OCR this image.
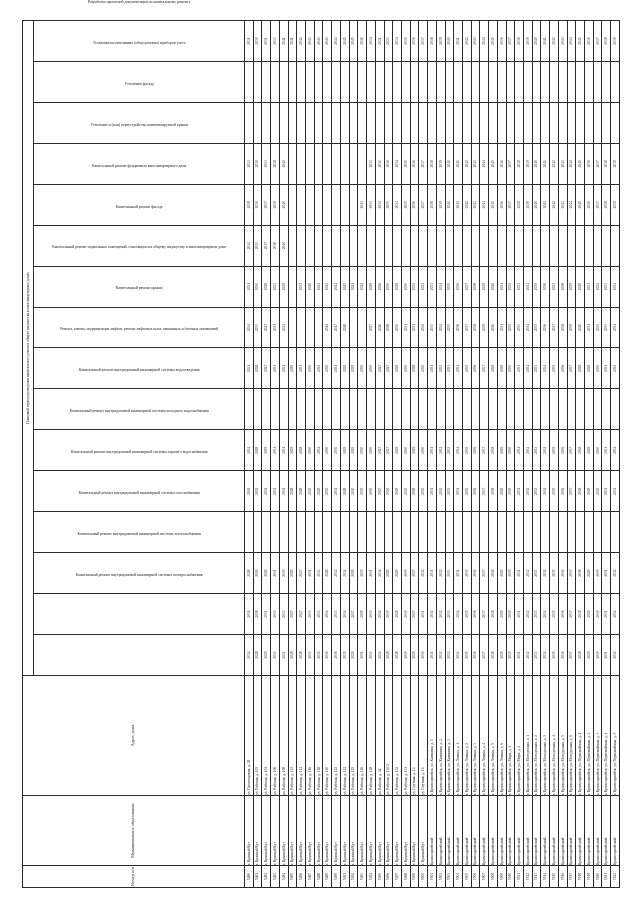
Номер п/п	Муниципальное образование	Адрес дома	Плановый период проведения капитального ремонта общего имущества в многоквартирных домах															
			Капитальный ремонт внутридомовой инженерной системы электроснабжения	Капитальный ремонт внутридомовой инженерной системы теплоснабжения	Капитальный ремонт внутридомовой инженерной системы газоснабжения	Капитальный ремонт внутридомовой инженерной системы горячего водоснабжения	Капитальный ремонт внутридомовой инженерной системы холодного водоснабжения	Капитальный ремонт внутридомовой инженерной системы водоотведения	Ремонт, замена, модернизация лифтов, ремонт лифтовых шахт, машинных и блочных помещений	Капитальный ремонт крыши	Капитальный ремонт подвальных помещений, относящихся к общему имуществу в многоквартирном доме	Капитальный ремонт фасада	Капитальный ремонт фундамента многоквартирного дома	Утепление и (или) переустройство невентилируемой крыши	Утепление фасада	Установка коллективных (общедомовых) приборов учета	Разработка проектной документации по капитальному ремонту	
5480	г. Красный Кут	ул. Пролетарская, д. 38	2034	2031	2028		2041	2034		2031	2034	2031	2034	2038	2033			2031
5481	г. Красный Кут	ул. Рабочая, д. 103	2028	2028	2026		2032	2028		2028	2033	2030	2033	2030	2030			2030
5482	г. Красный Кут	ул. Рабочая, д. 104	2029	2031	2026		2032	2029		2027	2027	2028	2037	2037	2033			2031
5483	г. Красный Кут	ул. Рабочая, д. 106	2033	2033	2031		2031	2031		2031	2031	2033	2038	2039	2038			2033
5484	г. Красный Кут	ул. Рабочая, д. 108	2031	2033	2030		2032	2031		2031	2034	2039	2040	2040	2042			2041
5485	г. Красный Кут	ул. Рабочая, д. 112	2028	2027	2028		2028	2029		2029								2041
5486	г. Красный Кут	ул. Рабочая, д. 114	2028	2027	2027		2028	2028		2031		2032						2042
5487	г. Красный Кут	ул. Рабочая, д. 116	2033	2033	2031		2030	2030		2030		2040						2043
5488	г. Красный Кут	ул. Рабочая, д. 118	2035	2033	2033		2029	2032		2032		2041						2043
5489	г. Красный Кут	ул. Рабочая, д. 120	2036	2034	2028		2030	2030		2030	2042	2043						2043
5490	г. Красный Кут	ул. Рабочая, д. 122	2036	2033	2032		2031	2030		2031	2047	2044						2044
5491	г. Красный Кут	ул. Рабочая, д. 124	2035	2034	2034		2028	2029		2029	2048	2045						2045
5492	г. Красный Кут	ул. Рабочая, д. 125	2029	2027	2028		2030	2029		2029		2041						2045
5493	г. Красный Кут	ул. Рабочая, д. 126	2031	2029	2030		2030	2030		2030		2042		2043				2046
5494	г. Красный Кут	ул. Рабочая, д. 128	2033	2033	2031		2030	2030		2030	2027	2029		2033	2033			2034
5495	г. Красный Кут	ул. Рабочая, д. 41	2034	2034	2034		2027	2027		2027	2026	2026		2031	2031			2031
5496	г. Красный Кут	ул. Рабочая, д. 130/2	2028	2030	2028		2030	2027		2027	2028	2030		2035	2036			2033
5497	г. Красный Кут	ул. Рабочая, д. 132	2028	2028	2029		2029	2029		2029	2030	2029		2034	2034			2034
5498	г. Красный Кут	ул. Рабочая, д. 134	2030	2030	2030		2030	2030		2030	2031	2030		2035	2035			2035
5499	г. Красный Кут	ул. Спутник, д. 14	2029	2027	2027		2029	2029		2028	2031	2032		2036	2036			2036
5500	г. Красный Кут	ул. Спутник, д. 16	2030	2031	2032		2030	2030		2030	2032	2032		2037	2037			2037
5501	Красноармейский	г. Красноармейск, ул. Калинина, д. 1	2031	2031	2031		2031	2031		2031	2033	2033		2038	2038			2038
5502	Красноармейский	г. Красноармейск, ул. Калинина, д. 2	2032	2032	2032		2032	2032		2032	2034	2034		2039	2039			2039
5503	Красноармейский	г. Красноармейск, ул. Калинина, д. 3	2033	2033	2033		2033	2033		2033	2035	2035		2040	2040			2040
5504	Красноармейский	г. Красноармейск, ул. Ленина, д. 1	2034	2034	2034		2034	2034		2034	2036	2036		2041	2041			2041
5505	Красноармейский	г. Красноармейск, ул. Ленина, д. 2	2035	2035	2035		2035	2035		2035	2037	2037		2042	2042			2042
5506	Красноармейский	г. Красноармейск, ул. Ленина, д. 3	2036	2036	2036		2036	2036		2036	2038	2038		2043	2043			2043
5507	Красноармейский	г. Красноармейск, ул. Ленина, д. 4	2037	2037	2037		2037	2037		2037	2039	2039		2044	2044			2044
5508	Красноармейский	г. Красноармейск, ул. Ленина, д. 5	2038	2038	2038		2038	2038		2038	2040	2040		2045	2045			2045
5509	Красноармейский	г. Красноармейск, ул. Ленина, д. 6	2029	2029	2029		2029	2029		2029	2031	2031		2036	2036			2036
5510	Красноармейский	г. Красноармейск, ул. Мира, д. 1	2030	2030	2030		2030	2030		2030	2032	2032		2037	2037			2037
5511	Красноармейский	г. Красноармейск, ул. Мира, д. 2	2031	2031	2031		2031	2031		2031	2033	2033		2038	2038			2038
5512	Красноармейский	г. Красноармейск, ул. Молодежная, д. 1	2032	2032	2032		2032	2032		2032	2034	2034		2039	2039			2039
5513	Красноармейский	г. Красноармейск, ул. Молодежная, д. 2	2033	2033	2033		2033	2033		2033	2035	2035		2040	2040			2040
5514	Красноармейский	г. Красноармейск, ул. Молодежная, д. 3	2034	2034	2034		2034	2034		2034	2036	2036		2041	2041			2041
5515	Красноармейский	г. Красноармейск, ул. Молодежная, д. 4	2035	2035	2035		2035	2035		2035	2037	2037		2042	2042			2042
5516	Красноармейский	г. Красноармейск, ул. Молодежная, д. 5	2036	2036	2036		2036	2036		2036	2038	2038		2043	2043			2043
5517	Красноармейский	г. Красноармейск, ул. Молодежная, д. 6	2037	2037	2037		2037	2037		2037	2039	2039		2044	2044			2044
5518	Красноармейский	г. Красноармейск, ул. Первомайская, д. 1	2038	2038	2038		2038	2038		2038	2040	2040		2045	2045			2045
5519	Красноармейский	г. Красноармейск, ул. Первомайская, д. 2	2029	2029	2029		2029	2029		2029	2031	2031		2036	2036			2036
5520	Красноармейский	г. Красноармейск, ул. Первомайская, д. 3	2030	2030	2030		2030	2030		2030	2032	2032		2037	2037			2037
5521	Красноармейский	г. Красноармейск, ул. Первомайская, д. 4	2031	2031	2031		2031	2031		2031	2033	2033		2038	2038			2038
5522	Красноармейский	г. Красноармейск, ул. Первомайская, д. 5	2032	2032	2032		2032	2032		2032	2034	2034		2039	2039			2039
